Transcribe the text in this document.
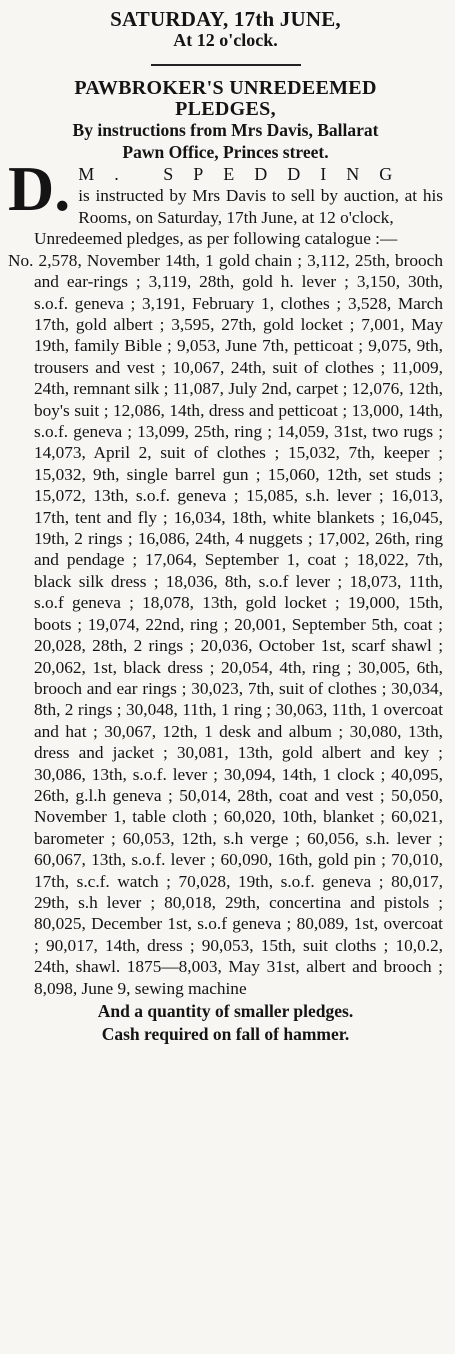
SATURDAY, 17th JUNE,
At 12 o'clock.
PAWBROKER'S UNREDEEMED
PLEDGES,
By instructions from Mrs Davis, Ballarat
Pawn Office, Princes street.
D. M. SPEDDING
is instructed by Mrs Davis to sell by auction, at his Rooms, on Saturday, 17th June, at 12 o'clock,

Unredeemed pledges, as per following catalogue :—

No. 2,578, November 14th, 1 gold chain ; 3,112, 25th, brooch and ear-rings ; 3,119, 28th, gold h. lever ; 3,150, 30th, s.o.f. geneva ; 3,191, February 1, clothes ; 3,528, March 17th, gold albert ; 3,595, 27th, gold locket ; 7,001, May 19th, family Bible ; 9,053, June 7th, petticoat ; 9,075, 9th, trousers and vest ; 10,067, 24th, suit of clothes ; 11,009, 24th, remnant silk ; 11,087, July 2nd, carpet ; 12,076, 12th, boy's suit ; 12,086, 14th, dress and petticoat ; 13,000, 14th, s.o.f. geneva ; 13,099, 25th, ring ; 14,059, 31st, two rugs ; 14,073, April 2, suit of clothes ; 15,032, 7th, keeper ; 15,032, 9th, single barrel gun ; 15,060, 12th, set studs ; 15,072, 13th, s.o.f. geneva ; 15,085, s.h. lever ; 16,013, 17th, tent and fly ; 16,034, 18th, white blankets ; 16,045, 19th, 2 rings ; 16,086, 24th, 4 nuggets ; 17,002, 26th, ring and pendage ; 17,064, September 1, coat ; 18,022, 7th, black silk dress ; 18,036, 8th, s.o.f lever ; 18,073, 11th, s.o.f geneva ; 18,078, 13th, gold locket ; 19,000, 15th, boots ; 19,074, 22nd, ring ; 20,001, September 5th, coat ; 20,028, 28th, 2 rings ; 20,036, October 1st, scarf shawl ; 20,062, 1st, black dress ; 20,054, 4th, ring ; 30,005, 6th, brooch and ear rings ; 30,023, 7th, suit of clothes ; 30,034, 8th, 2 rings ; 30,048, 11th, 1 ring ; 30,063, 11th, 1 overcoat and hat ; 30,067, 12th, 1 desk and album ; 30,080, 13th, dress and jacket ; 30,081, 13th, gold albert and key ; 30,086, 13th, s.o.f. lever ; 30,094, 14th, 1 clock ; 40,095, 26th, g.l.h geneva ; 50,014, 28th, coat and vest ; 50,050, November 1, table cloth ; 60,020, 10th, blanket ; 60,021, barometer ; 60,053, 12th, s.h verge ; 60,056, s.h. lever ; 60,067, 13th, s.o.f. lever ; 60,090, 16th, gold pin ; 70,010, 17th, s.c.f. watch ; 70,028, 19th, s.o.f. geneva ; 80,017, 29th, s.h lever ; 80,018, 29th, concertina and pistols ; 80,025, December 1st, s.o.f geneva ; 80,089, 1st, overcoat ; 90,017, 14th, dress ; 90,053, 15th, suit cloths ; 10,0.2, 24th, shawl. 1875—8,003, May 31st, albert and brooch ; 8,098, June 9, sewing machine

And a quantity of smaller pledges.
Cash required on fall of hammer.
